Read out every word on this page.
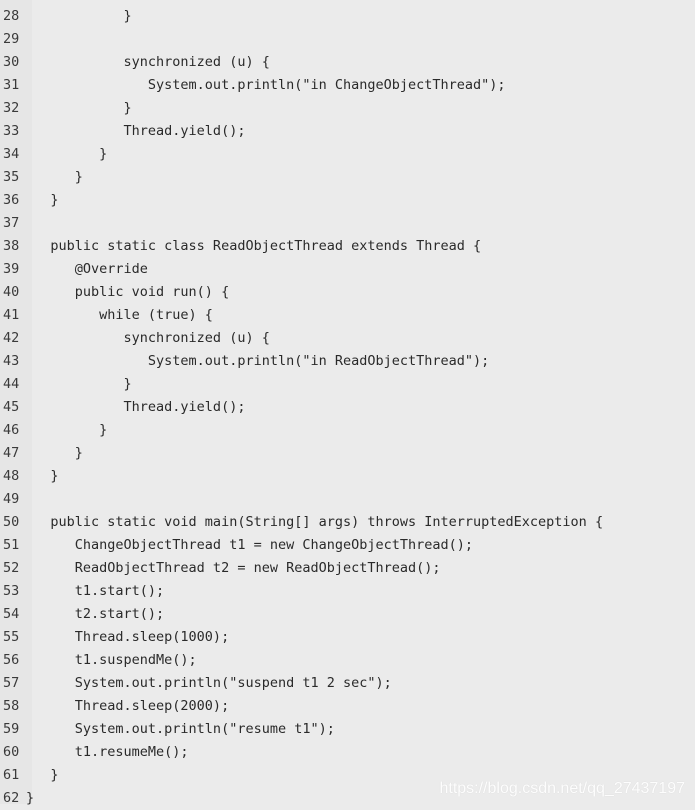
28 }
29
30 synchronized (u) {
31 System.out.println("in ChangeObjectThread");
32 }
33 Thread.yield();
34 }
35 }
36 }
37
38 public static class ReadObjectThread extends Thread {
39 @Override
40 public void run() {
41 while (true) {
42 synchronized (u) {
43 System.out.println("in ReadObjectThread");
44 }
45 Thread.yield();
46 }
47 }
48 }
49
50 public static void main(String[] args) throws InterruptedException {
51 ChangeObjectThread t1 = new ChangeObjectThread();
52 ReadObjectThread t2 = new ReadObjectThread();
53 t1.start();
54 t2.start();
55 Thread.sleep(1000);
56 t1.suspendMe();
57 System.out.println("suspend t1 2 sec");
58 Thread.sleep(2000);
59 System.out.println("resume t1");
60 t1.resumeMe();
61 }
62 }
https://blog.csdn.net/qq_27437197
